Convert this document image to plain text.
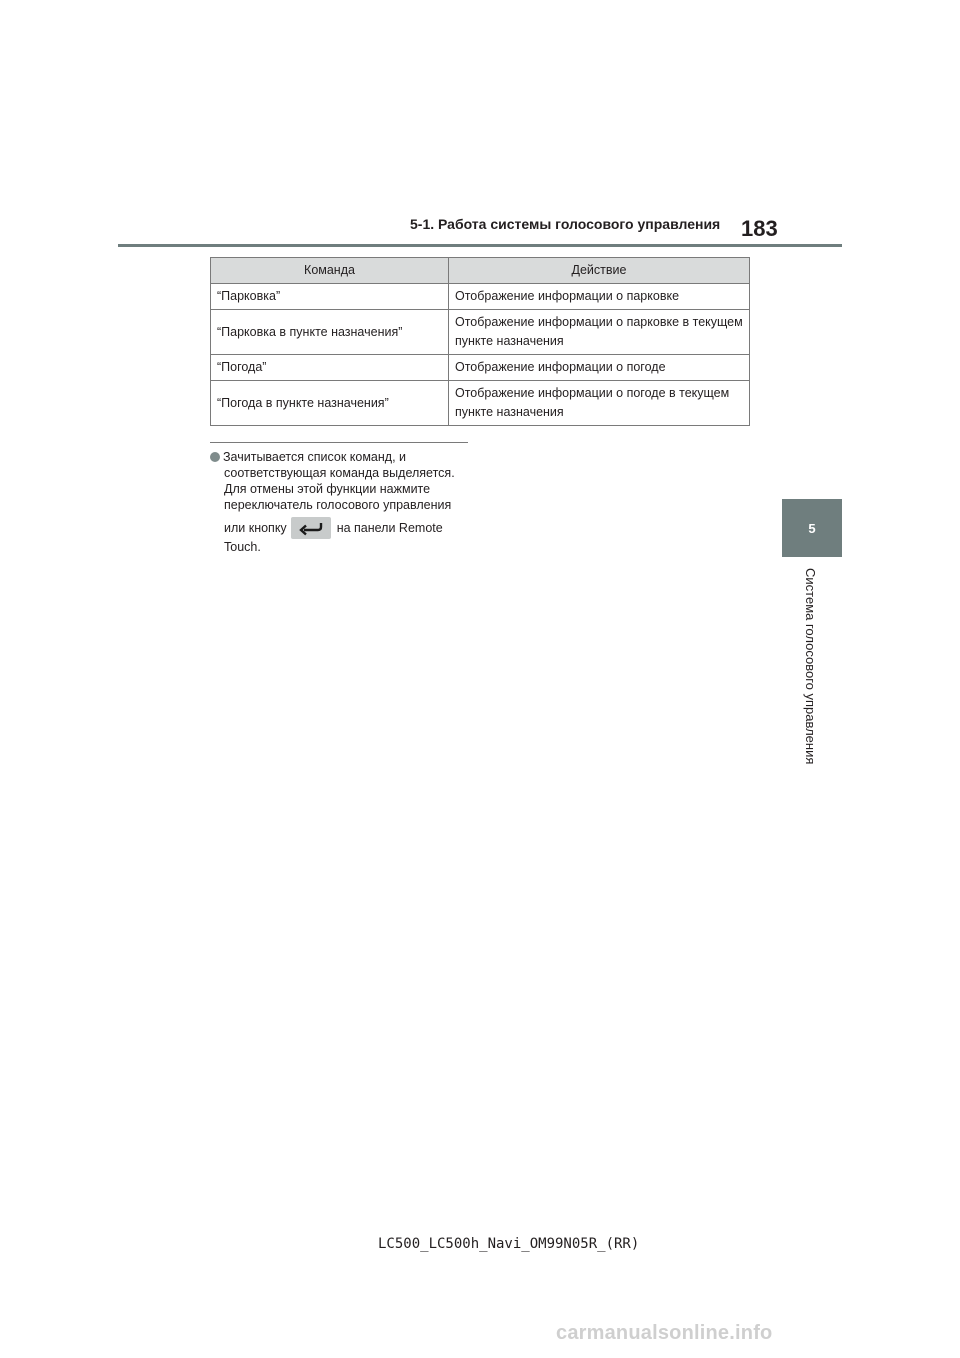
5-1. Работа системы голосового управления 183
5
Система голосового управления
Команда	Действие
“Парковка”	Отображение информации о парковке
“Парковка в пункте назначения”	Отображение информации о парковке в текущем пункте назначения
“Погода”	Отображение информации о погоде
“Погода в пункте назначения”	Отображение информации о погоде в текущем пункте назначения
Зачитывается список команд, и
соответствующая команда выделяется.
Для отмены этой функции нажмите
переключатель голосового управления
или кнопку	на панели Remote
Touch.
LC500_LC500h_Navi_OM99N05R_(RR)
carmanualsonline.info
